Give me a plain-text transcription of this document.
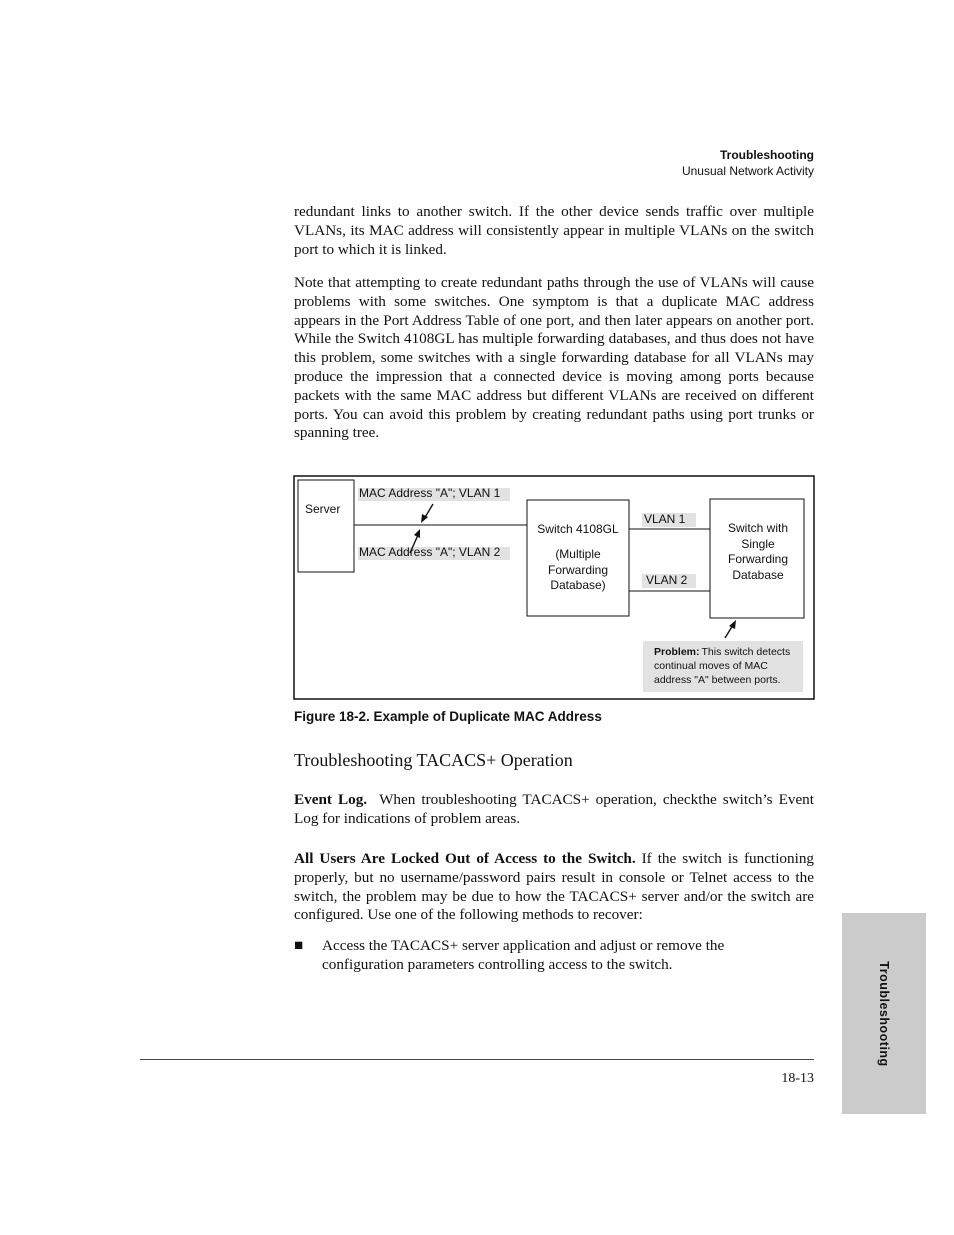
Troubleshooting
Unusual Network Activity

redundant links to another switch. If the other device sends traffic over multiple VLANs, its MAC address will consistently appear in multiple VLANs on the switch port to which it is linked.

Note that attempting to create redundant paths through the use of VLANs will cause problems with some switches. One symptom is that a duplicate MAC address appears in the Port Address Table of one port, and then later appears on another port. While the Switch 4108GL has multiple forwarding databases, and thus does not have this problem, some switches with a single forwarding database for all VLANs may produce the impression that a connected device is moving among ports because packets with the same MAC address but different VLANs are received on different ports. You can avoid this problem by creating redundant paths using port trunks or spanning tree.

Server
MAC Address "A"; VLAN 1
MAC Address "A"; VLAN 2
Switch 4108GL
(Multiple
Forwarding
Database)
VLAN 1
VLAN 2
Switch with
Single
Forwarding
Database
Problem: This switch detects
continual moves of MAC
address "A" between ports.
Figure 18-2. Example of Duplicate MAC Address
Troubleshooting TACACS+ Operation

Event Log. When troubleshooting TACACS+ operation, checkthe switch’s Event Log for indications of problem areas.

All Users Are Locked Out of Access to the Switch. If the switch is functioning properly, but no username/password pairs result in console or Telnet access to the switch, the problem may be due to how the TACACS+ server and/or the switch are configured. Use one of the following methods to recover:

■ Access the TACACS+ server application and adjust or remove the configuration parameters controlling access to the switch.
18-13
Troubleshooting
